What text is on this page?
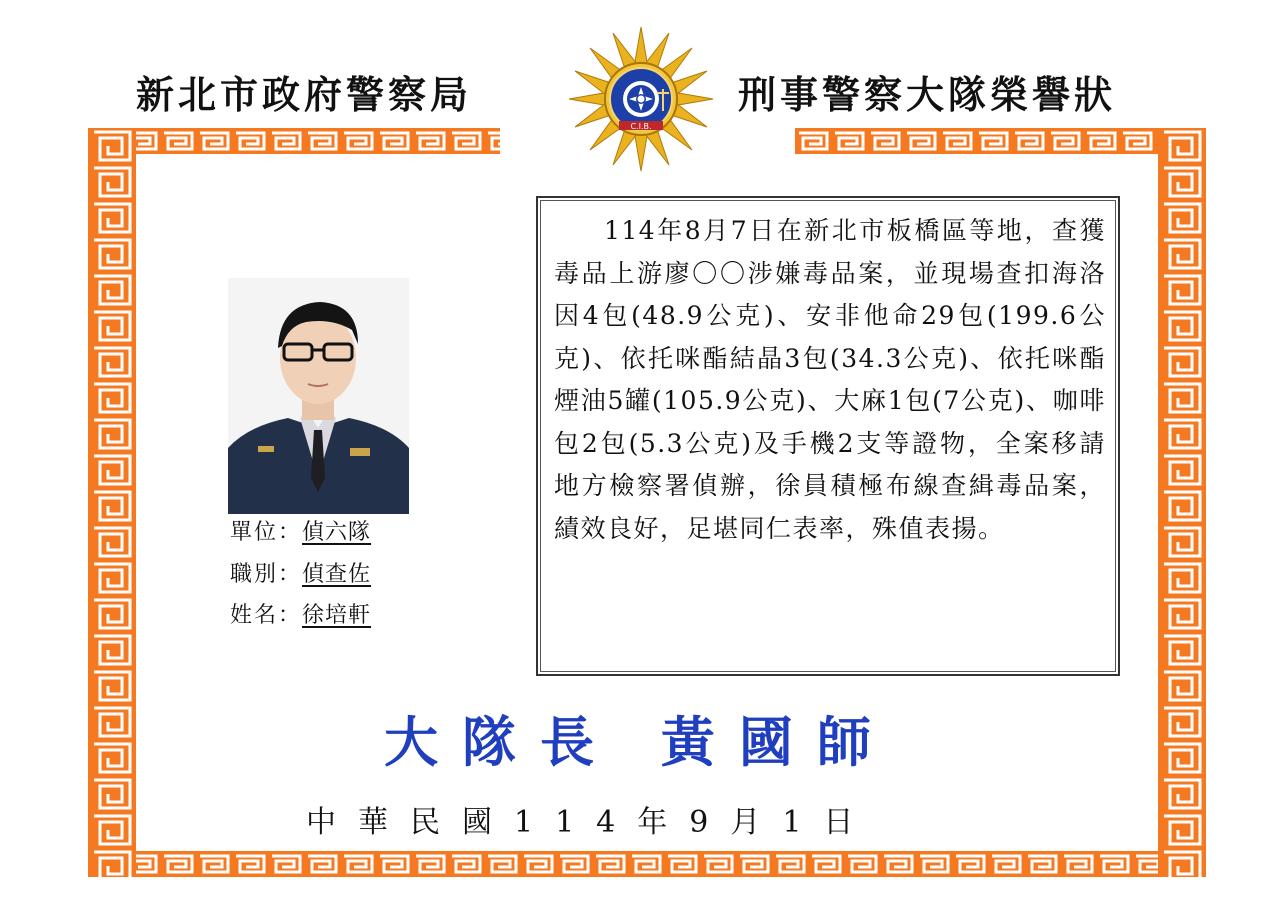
新北市政府警察局	刑事警察大隊榮譽狀
C.I.B.
單位：偵六隊
職別：偵查佐
姓名：徐培軒

114年8月7日在新北市板橋區等地，查獲毒品上游廖〇〇涉嫌毒品案，並現場查扣海洛因4包(48.9公克)、安非他命29包(199.6公克)、依托咪酯結晶3包(34.3公克)、依托咪酯煙油5罐(105.9公克)、大麻1包(7公克)、咖啡包2包(5.3公克)及手機2支等證物，全案移請地方檢察署偵辦，徐員積極布線查緝毒品案，績效良好，足堪同仁表率，殊值表揚。

大隊長 黃國師
中華民國114年9月1日
